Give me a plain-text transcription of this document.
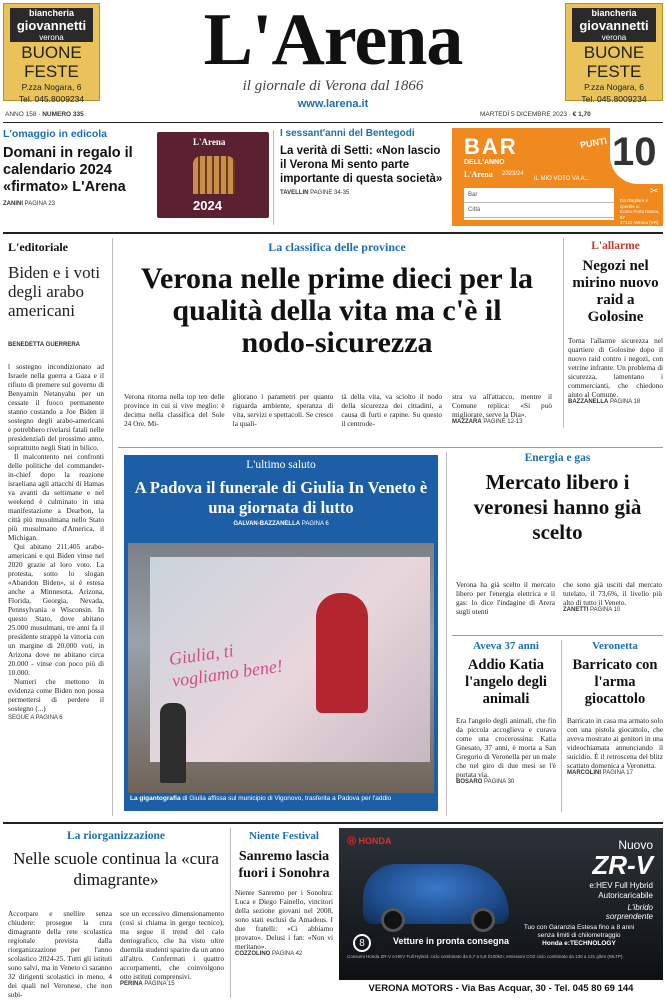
biancheria
giovannetti
verona
BUONE
FESTE
P.zza Nogara, 6
Tel. 045.8009234
biancheria
giovannetti
verona
BUONE
FESTE
P.zza Nogara, 6
Tel. 045.8009234
L'Arena
il giornale di Verona dal 1866
www.larena.it
ANNO 158 · NUMERO 335	MARTEDÌ 5 DICEMBRE 2023 · € 1,70
L'omaggio in edicola
Domani in regalo il calendario 2024 «firmato» L'Arena
ZANINI PAGINA 23
L'Arena
2024
I sessant'anni del Bentegodi
La verità di Setti: «Non lascio il Verona Mi sento parte importante di questa società»
TAVELLIN PAGINE 34-35
BAR
DELL'ANNO
L'Arena 2023/24
IL MIO VOTO VA A...
PUNTI 10
Bar
Città
Da ritagliare e spedire a:
Corso Porta Nuova, 67
37122 Verona (VR)
✂
L'editoriale
Biden e i voti degli arabo americani
BENEDETTA GUERRERA

l sostegno incondizionato ad Israele nella guerra a Gaza e il rifiuto di premere sul governo di Benyamin Netanyahu per un cessate il fuoco permanente stanno costando a Joe Biden il sostegno degli arabo-americani e potrebbero rivelarsi fatali nelle presidenziali del prossimo anno, soprattutto negli Stati in bilico.

Il malcontento nei confronti delle politiche del commander-in-chief dopo la reazione israeliana agli attacchi di Hamas va avanti da settimane e nel weekend è culminato in una manifestazione a Dearbon, la città più musulmana nello Stato più musulmano d'America, il Michigan.

Qui abitano 211.405 arabo-americani e qui Biden vinse nel 2020 grazie al loro voto. La protesta, sotto lo slogan «Abandon Biden», si è estesa anche a Minnesota, Arizona, Florida, Georgia, Nevada, Pennsylvania e Wisconsin. In questo Stato, dove abitano 25.000 musulmani, tre anni fa il presidente strappò la vittoria con un margine di 20.000 voti, in Arizona dove ne abitano circa 20.000 - vinse con poco più di 10.000.

Numeri che mettono in evidenza come Biden non possa permettersi di perdere il sostegno (...)

SEGUE A PAGINA 6
La classifica delle province
Verona nelle prime dieci per la qualità della vita ma c'è il nodo-sicurezza
Verona ritorna nella top ten delle province in cui si vive meglio: è decima nella classifica del Sole 24 Ore. Mi-
gliorano i parametri per quanto riguarda ambiente, speranza di vita, servizi e spettacoli. Se cresce la quali-
tà della vita, va sciolto il nodo della sicurezza dei cittadini, a causa di furti e rapine. Su questo il centrode-
stra va all'attacco, mentre il Comune replica: «Si può migliorare, serve la Dia».
MAZZARA PAGINE 12-13
L'allarme
Negozi nel mirino nuovo raid a Golosine
Torna l'allarme sicurezza nel quartiere di Golosine dopo il nuovo raid contro i negozi, con vetrine infrante. Un problema di sicurezza, lamentano i commercianti, che chiedono aiuto al Comune.
BAZZANELLA PAGINA 18
L'ultimo saluto
A Padova il funerale di Giulia In Veneto è una giornata di lutto
GALVAN-BAZZANELLA PAGINA 6
Giulia, ti vogliamo bene!
La gigantografia di Giulia affissa sul municipio di Vigonovo, trasferita a Padova per l'addio
Energia e gas
Mercato libero i veronesi hanno già scelto
Verona ha già scelto il mercato libero per l'energia elettrica e il gas: lo dice l'indagine di Arera sugli utenti
che sono già usciti dal mercato tutelato, il 73,6%, il livello più alto di tutto il Veneto.
ZANETTI PAGINA 10
Aveva 37 anni
Addio Katia l'angelo degli animali
Era l'angelo degli animali, che fin da piccola accoglieva e curava come una crocerossina: Katia Gnesato, 37 anni, è morta a San Gregorio di Veronella per un male che nel giro di due mesi se l'è portata via.
BOSARO PAGINA 30
Veronetta
Barricato con l'arma giocattolo
Barricato in casa ma armato solo con una pistola giocattolo, che aveva mostrato ai genitori in una videochiamata annunciando il suicidio. È il retroscena del blitz scattato domenica a Veronetta.
MARCOLINI PAGINA 17
La riorganizzazione
Nelle scuole continua la «cura dimagrante»
Accorpare e snellire senza chiudere: prosegue la cura dimagrante della rete scolastica regionale prevista dalla riorganizzazione per l'anno scolastico 2024-25. Tutti gli istituti sono salvi, ma in Veneto ci saranno 32 dirigenti scolastici in meno, 4 dei quali nel Veronese, che non subi-
sce un eccessivo dimensionamento (così si chiama in gergo tecnico), ma segue il trend del calo demografico, che ha visto oltre duemila studenti sparire da un anno all'altro. Confermati i quattro accorpamenti, che coinvolgono otto istituti comprensivi.
PERINA PAGINA 15
Niente Festival
Sanremo lascia fuori i Sonohra
Niente Sanremo per i Sonohra: Luca e Diego Fainello, vincitori della sezione giovani nel 2008, sono stati esclusi da Amadeus. I due fratelli: «Ci abbiamo provato». Delusi i fan: «Non vi meritano».
COZZOLINO PAGINA 42
Ⓗ HONDA	Nuovo
ZR-V
e:HEV Full Hybrid
Autoricaricabile
L'ibrido
sorprendente
Tuo con Garanzia Estesa fino a 8 anni
senza limiti di chilometraggio
Honda e:TECHNOLOGY
8	Vetture in pronta consegna
Consumi Honda ZR-V e:HEV Full Hybrid: ciclo combinato da 5,7 a 5,8 l/100km; emissioni CO2 ciclo combinato da 130 a 131 g/km (WLTP).
VERONA MOTORS - Via Bas Acquar, 30 - Tel. 045 80 69 144
